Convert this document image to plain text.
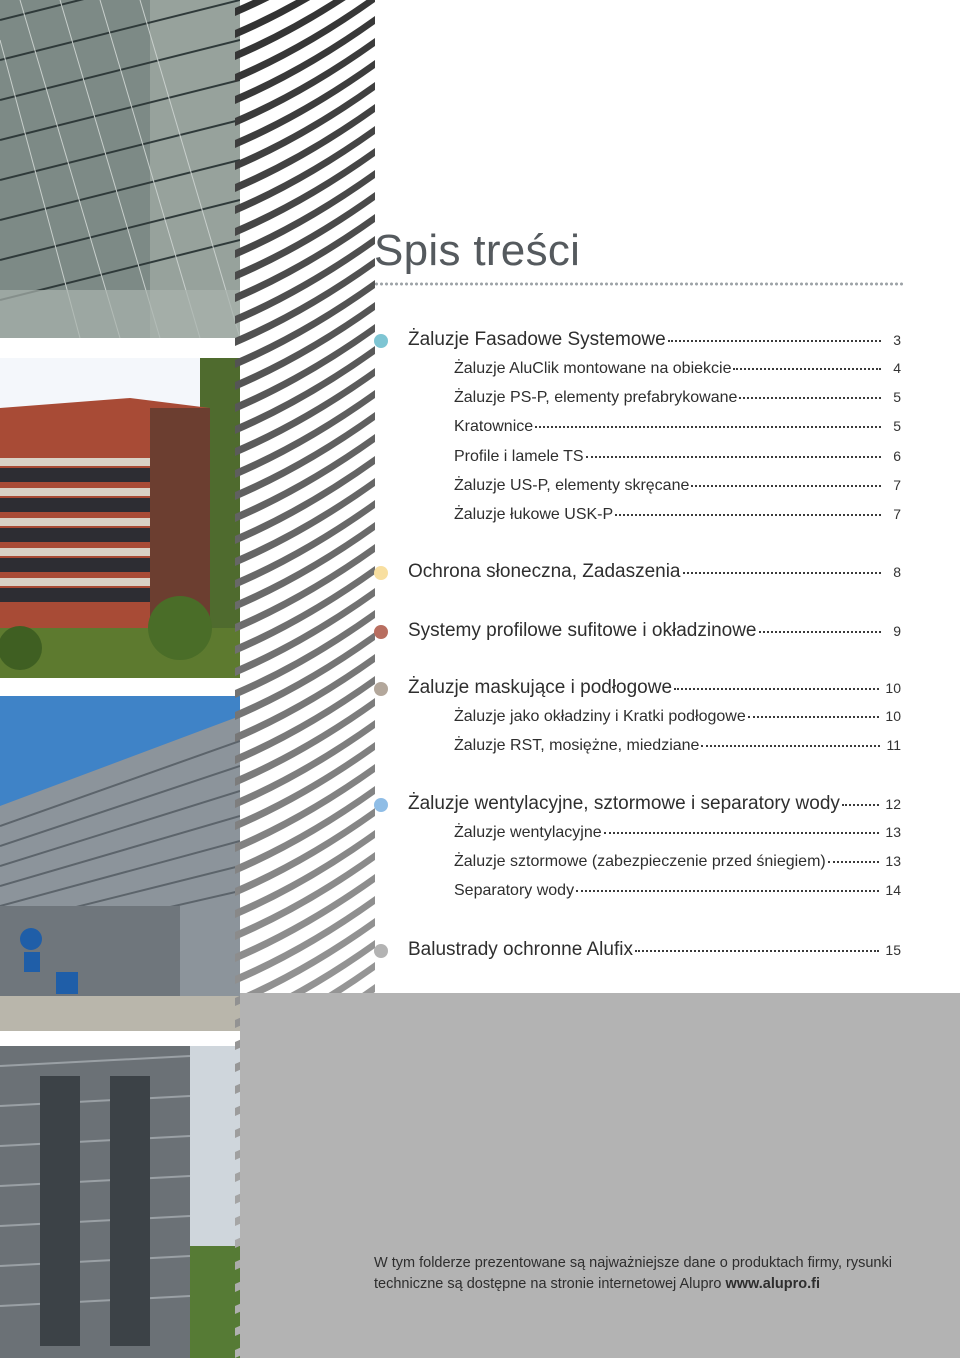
Spis treści
Żaluzje Fasadowe Systemowe	3
Żaluzje AluClik montowane na obiekcie	4
Żaluzje PS-P, elementy prefabrykowane	5
Kratownice	5
Profile i lamele TS	6
Żaluzje US-P, elementy skręcane	7
Żaluzje łukowe USK-P	7
Ochrona słoneczna, Zadaszenia	8
Systemy profilowe sufitowe i okładzinowe	9
Żaluzje maskujące i podłogowe	10
Żaluzje jako okładziny i Kratki podłogowe	10
Żaluzje RST, mosiężne, miedziane	11
Żaluzje wentylacyjne, sztormowe i separatory wody	12
Żaluzje wentylacyjne	13
Żaluzje sztormowe (zabezpieczenie przed śniegiem)	13
Separatory wody	14
Balustrady ochronne Alufix	15
W tym folderze prezentowane są najważniejsze dane o produktach firmy, rysunki techniczne są dostępne na stronie internetowej Alupro www.alupro.fi
